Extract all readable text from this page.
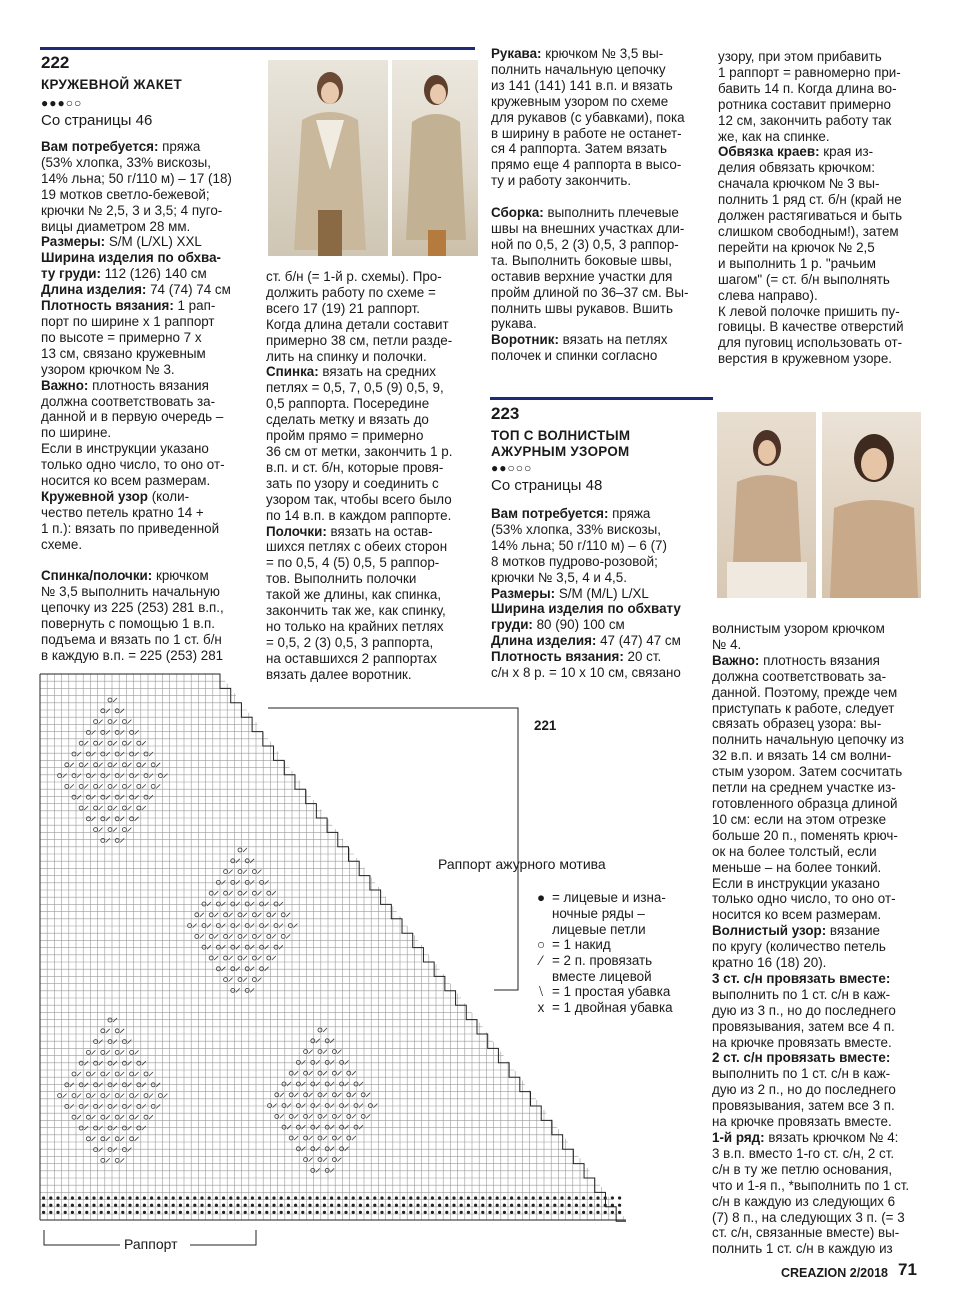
222
КРУЖЕВНОЙ ЖАКЕТ
●●●○○
Со страницы 46
Вам потребуется: пряжа
(53% хлопка, 33% вискозы,
14% льна; 50 г/110 м) – 17 (18)
19 мотков светло-бежевой;
крючки № 2,5, 3 и 3,5; 4 пуго-
вицы диаметром 28 мм.
Размеры: S/M (L/XL) XXL
Ширина изделия по обхва-
ту груди: 112 (126) 140 см
Длина изделия: 74 (74) 74 см
Плотность вязания: 1 рап-
порт по ширине х 1 раппорт
по высоте = примерно 7 х
13 см, связано кружевным
узором крючком № 3.
Важно: плотность вязания
должна соответствовать за-
данной и в первую очередь –
по ширине.
Если в инструкции указано
только одно число, то оно от-
носится ко всем размерам.
Кружевной узор (коли-
чество петель кратно 14 +
1 п.): вязать по приведенной
схеме.

Спинка/полочки: крючком
№ 3,5 выполнить начальную
цепочку из 225 (253) 281 в.п.,
повернуть с помощью 1 в.п.
подъема и вязать по 1 ст. б/н
в каждую в.п. = 225 (253) 281
ст. б/н (= 1-й р. схемы). Про-
должить работу по схеме =
всего 17 (19) 21 раппорт.
Когда длина детали составит
примерно 38 см, петли разде-
лить на спинку и полочки.
Спинка: вязать на средних
петлях = 0,5, 7, 0,5 (9) 0,5, 9,
0,5 раппорта. Посередине
сделать метку и вязать до
пройм прямо = примерно
36 см от метки, закончить 1 р.
в.п. и ст. б/н, которые провя-
зать по узору и соединить с
узором так, чтобы всего было
по 14 в.п. в каждом раппорте.
Полочки: вязать на остав-
шихся петлях с обеих сторон
= по 0,5, 4 (5) 0,5, 5 раппор-
тов. Выполнить полочки
такой же длины, как спинка,
закончить так же, как спинку,
но только на крайних петлях
= 0,5, 2 (3) 0,5, 3 раппорта,
на оставшихся 2 раппортах
вязать далее воротник.
Рукава: крючком № 3,5 вы-
полнить начальную цепочку
из 141 (141) 141 в.п. и вязать
кружевным узором по схеме
для рукавов (с убавками), пока
в ширину в работе не останет-
ся 4 раппорта. Затем вязать
прямо еще 4 раппорта в высо-
ту и работу закончить.

Сборка: выполнить плечевые
швы на внешних участках дли-
ной по 0,5, 2 (3) 0,5, 3 раппор-
та. Выполнить боковые швы,
оставив верхние участки для
пройм длиной по 36–37 см. Вы-
полнить швы рукавов. Вшить
рукава.
Воротник: вязать на петлях
полочек и спинки согласно
узору, при этом прибавить
1 раппорт = равномерно при-
бавить 14 п. Когда длина во-
ротника составит примерно
12 см, закончить работу так
же, как на спинке.
Обвязка краев: края из-
делия обвязать крючком:
сначала крючком № 3 вы-
полнить 1 ряд ст. б/н (край не
должен растягиваться и быть
слишком свободным!), затем
перейти на крючок № 2,5
и выполнить 1 р. "рачьим
шагом" (= ст. б/н выполнять
слева направо).
К левой полочке пришить пу-
говицы. В качестве отверстий
для пуговиц использовать от-
верстия в кружевном узоре.
223
ТОП С ВОЛНИСТЫМ
АЖУРНЫМ УЗОРОМ
●●○○○
Со страницы 48
Вам потребуется: пряжа
(53% хлопка, 33% вискозы,
14% льна; 50 г/110 м) – 6 (7)
8 мотков пудрово-розовой;
крючки № 3,5, 4 и 4,5.
Размеры: S/M (M/L) L/XL
Ширина изделия по обхвату
груди: 80 (90) 100 см
Длина изделия: 47 (47) 47 см
Плотность вязания: 20 ст.
с/н х 8 р. = 10 х 10 см, связано
волнистым узором крючком
№ 4.
Важно: плотность вязания
должна соответствовать за-
данной. Поэтому, прежде чем
приступать к работе, следует
связать образец узора: вы-
полнить начальную цепочку из
32 в.п. и вязать 14 см волни-
стым узором. Затем сосчитать
петли на среднем участке из-
готовленного образца длиной
10 см: если на этом отрезке
больше 20 п., поменять крюч-
ок на более толстый, если
меньше – на более тонкий.
Если в инструкции указано
только одно число, то оно от-
носится ко всем размерам.
Волнистый узор: вязание
по кругу (количество петель
кратно 16 (18) 20).
3 ст. с/н провязать вместе:
выполнить по 1 ст. с/н в кaж-
дую из 3 п., но до последнего
провязывания, затем все 4 п.
на крючке провязать вместе.
2 ст. с/н провязать вместе:
выполнить по 1 ст. с/н в кaж-
дую из 2 п., но до последнего
провязывания, затем все 3 п.
на крючке провязать вместе.
1-й ряд: вязать крючком № 4:
3 в.п. вместо 1-го ст. с/н, 2 ст.
с/н в ту же петлю основания,
что и 1-я п., *выполнить по 1 ст.
с/н в каждую из следующих 6
(7) 8 п., на следующих 3 п. (= 3
ст. с/н, связанные вместе) вы-
полнить 1 ст. с/н в каждую из
221
Раппорт ажурного мотива
Раппорт
● = лицевые и изна-
ночные ряды –
лицевые петли
○ = 1 накид
⁄ = 2 п. провязать
вместе лицевой
⧵ = 1 простая убавка
x = 1 двойная убавка
CREAZION 2/2018 71
